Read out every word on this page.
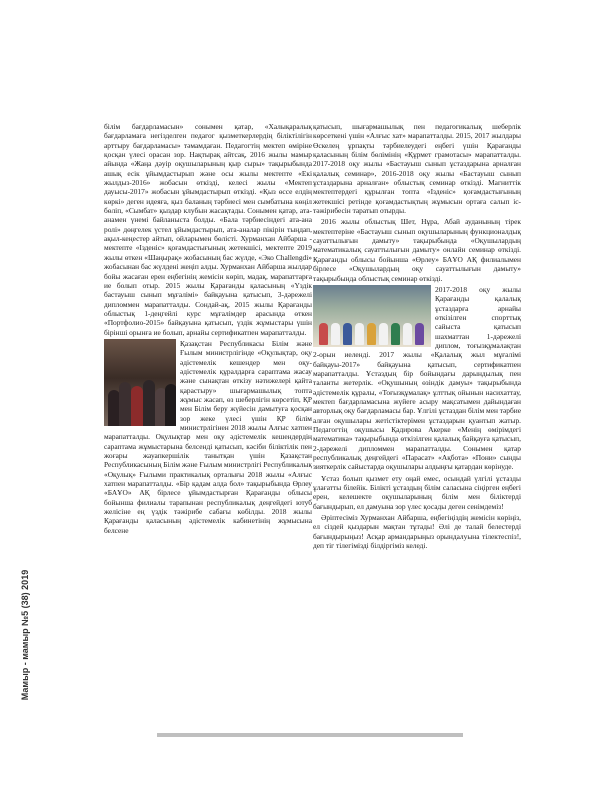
Мамыр - мамыр №5 (38) 2019

білім бағдарламасын» сонымен қатар, «Халықаралық бағдарламаға негізделген педагог қызметкерлердің біліктілігін арттыру бағдарламасы» тәмамдаған. Педагогтің мектеп өміріне қосқан үлесі орасан зор. Нақтырақ айтсақ, 2016 жылы мамыр айында «Жаңа дәуір оқушыларының қыр сыры» тақырыбында ашық есік ұйымдастырып және осы жылы мектепте «Екі жылдыз-2016» жобасын өткізді, келесі жылы «Мектеп дауысы-2017» жобасын ұйымдастырып өткізді. «Қыз өссе елдің көркі» деген идеяға, қыз баланың тәрбиесі мен сымбатына көңіл бөліп, «Сымбат» қыздар клубын жасақтады. Сонымен қатар, ата-анамен үнемі байланыста болды. «Бала тәрбиесіндегі ата-ана ролі» дөңгелек үстел ұйымдастырып, ата-аналар пікірін тыңдап, ақыл-кеңестер айтып, ойларымен бөлісті. Хурманхан Айбарша - мектепте «Ізденіс» қоғамдастығының жетекшісі, мектепте 2019 жылы өткен «Шаңырақ» жобасының бас жүлде, «Эко Challengdi» жобасынан бас жүлдені жеңіп алды. Хурманхан Айбарша жылдар бойы жасаған ерен еңбегінің жемісін көріп, мадақ, марапаттарға ие болып отыр. 2015 жылы Қарағанды қаласының «Үздік бастауыш сынып мұғалімі» байқауына қатысып, 3-дәрежелі дипломмен марапатталды. Сондай-ақ, 2015 жылы Қарағанды облыстық 1-деңгейлі курс мұғалімдер арасында өткен «Портфолио-2015» байқауына қатысып, үздік жұмыстары үшін бірінші орынға ие болып, арнайы сертификатпен марапатталды.

Қазақстан Республикасы Білім және Ғылым министрлігінде «Оқулықтар, оқу әдістемелік кешендер мен оқу-әдістемелік құралдарға сараптама жасау және сынақтан өткізу нәтижелері қайта қарастыру» шығармашылық топта жұмыс жасап, өз шеберлігін көрсетіп, ҚР мен Білім беру жүйесін дамытуға қосқан зор жеке үлесі үшін ҚР білім министрлігінен 2018 жылы Алғыс хатпен марапатталды. Оқулықтар мен оқу әдістемелік кешендердің сараптама жұмыстарына белсенді қатысып, кәсіби біліктілік пен жоғары жауапкершілік танытқан үшін Қазақстан Республикасының Білім және Ғылым министрлігі Республикалық «Оқулық» Ғылыми практикалық орталығы 2018 жылы «Алғыс хатпен марапатталды. «Бір қадам алда бол» тақырыбында Өрлеу «БАҰО» АҚ бірлесе ұйымдастырған Қарағанды облысы бойынша филиалы тарапынан республикалық деңгейдегі ютуб желісіне ең үздік тәжірибе сабағы көбілды. 2018 жылы Қарағанды қаласының әдістемелік кабинетінің жұмысына белсене

қатысып, шығармашылық пен педагогикалық шеберлік көрсеткені үшін «Алғыс хат» марапатталды. 2015, 2017 жылдары Өскелең ұрпақты тәрбиелеудегі еңбегі үшін Қарағанды қаласының білім бөлімінің «Құрмет грамотасы» марапатталды. 2017-2018 оқу жылы «Бастауыш сынып ұстаздарына арналған қалалық семинар», 2016-2018 оқу жылы «Бастауыш сынып ұстаздарына арналған» облыстық семинар өткізді. Магниттік мектептердегі құрылған топта «Ізденіс» қоғамдастығының жетекшісі ретінде қоғамдастықтың жұмысын ортаға салып іс-тәжірибесін таратып отырды.

2016 жылы облыстық Шет, Нұра, Абай ауданының тірек мектептеріне «Бастауыш сынып оқушыларының функционалдық сауаттылығын дамыту» тақырыбында «Оқушылардың математикалық сауаттылығын дамыту» онлайн семинар өткізді. Қарағанды облысы бойынша «Өрлеу» БАҰО АҚ филиалымен бірлесе «Оқушылардың оқу сауаттылығын дамыту» тақырыбында облыстық семинар өткізді.

2017-2018 оқу жылы Қарағанды қалалық ұстаздарға арнайы өткізілген спорттық сайыста қатысып шахматтан 1-дәрежелі диплом, тоғызқұмалақтан 2-орын иеленді. 2017 жылы «Қалалық жыл мұғалімі байқауы-2017» байқауына қатысып, сертификатпен марапатталды. Ұстаздың бір бойындағы дарындылық пен таланты жетерлік. «Оқушының өзіндік дамуы» тақырыбында әдістемелік құралы, «Тоғызқұмалақ» ұлттық ойынын насихаттау, мектеп бағдарламасына жүйеге асыру мақсатымен дайындаған авторлық оқу бағдарламасы бар. Ұлгілі ұстаздан білім мен тәрбие алған оқушылары жетістіктерімен ұстаздарын қуантып жатыр. Педагогтің оқушысы Қадирова Акерке «Менің өмірімдегі математика» тақырыбында өткізілген қалалық байқауға қатысып, 2-дәрежелі дипломмен марапатталды. Сонымен қатар республикалық деңгейдегі «Парасат» «Ақбота» «Пони» сынды зияткерлік сайыстарда оқушылары алдыңғы қатардан көрінуде.

Ұстаз болып қызмет ету оңай емес, осындай үлгілі ұстазды ұлағатты білейік. Білікті ұстаздың білім саласына сіңірген еңбегі ерен, келешекте оқушыларының білім мен біліктерді бағындырып, ел дамуына зор үлес қосады деген сенімдеміз!

Әріптесіміз Хурманхан Айбарша, еңбегіңіздің жемісін көріңіз, ел сіздей қыздарын мақтан тұтады! Әлі де талай белестерді бағындырыңыз! Асқар армандарыңыз орындалуына тілектеспіз!, деп тіг тілегімізді білдіргіміз келеді.
